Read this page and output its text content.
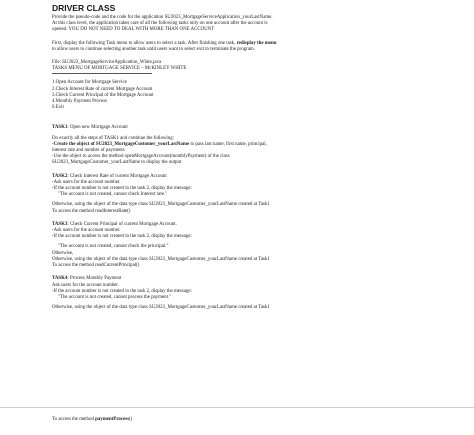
DRIVER CLASS

Provide the pseudo-code and the code for the application SU2023_MortgageServiceApplication_yourLastName.

At this class level, the application takes care of all the following tasks only on one account after the account is

opened. YOU DO NOT NEED TO DEAL WITH MORE THAN ONE ACCOUNT

First, display the following Task menu to allow users to select a task. After finishing one task, redisplay the menu

to allow users to continue selecting another task until users want to select exit to terminate the program.

File: SU2023_MortgageServiceApplication_White.java

TASKS MENU OF MORTGAGE SERVICE – McKINLEY WHITE

1.Open Account for Mortgage Service

2.Check Interest Rate of current Mortgage Account

3.Check Current Principal of the Mortgage Account

4.Monthly Payment Process

0.Exit

TASK1: Open new Mortgage Account

Do exactly all the steps of TASK1 and continue the following:

-Create the object of SU2023_MortgageCustomer_yourLastName to pass last name, first name, principal,

interest rate and number of payments

-Use the object to access the method openMortgageAccount(monthlyPayment) of the class

SU2023_MortgageCustomer_yourLastName to display the output

TASK2: Check Interest Rate of current Mortgage Account

-Ask users for the account number.

-If the account number is not created in the task 2, display the message:

"The account is not created, cannot check Interest rate."

Otherwise, using the object of the data type class SU2023_MortgageCustomer_yourLastName created at Task1

To access the method readInterestRate()

TASK3: Check Current Principal of current Mortgage Account.

-Ask users for the account number.

-If the account number is not created in the task 2, display the message:

"The account is not created, cannot check the principal."

Otherwise,

Otherwise, using the object of the data type class SU2023_MortgageCustomer_yourLastName created at Task1

To access the method readCurrentPrincipal()

TASK4: Process Monthly Payment

Ask users for the account number.

-If the account number is not created in the task 2, display the message:

"The account is not created, cannot process the payment."

Otherwise, using the object of the data type class SU2023_MortgageCustomer_yourLastName created at Task1

To access the method paymentProcess()
